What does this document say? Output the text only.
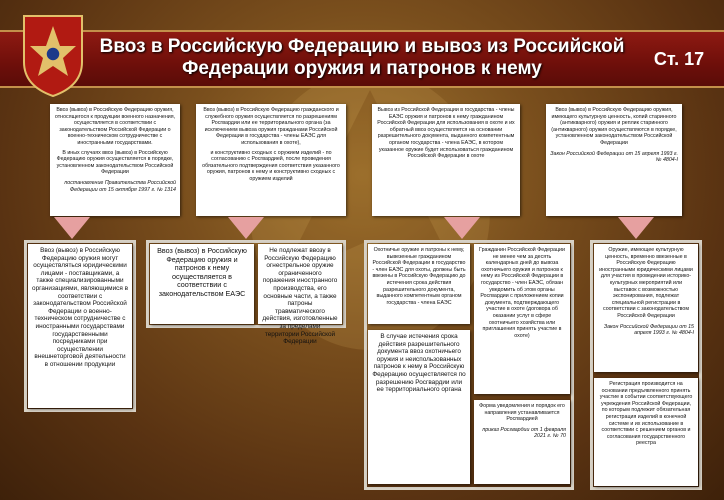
Ввоз в Российскую Федерацию и вывоз из Российской Федерации оружия и патронов к нему	Ст. 17

Ввоз (вывоз) в Российскую Федерацию оружия, относящегося к продукции военного назначения, осуществляется в соответствии с законодательством Российской Федерации о военно-техническом сотрудничестве с иностранными государствами.

В иных случаях ввоз (вывоз) в Российскую Федерацию оружия осуществляется в порядке, установленном законодательством Российской Федерации

постановление Правительства Российской Федерации от 15 октября 1997 г. № 1314

Ввоз (вывоз) в Российскую Федерацию гражданского и служебного оружия осуществляется по разрешениям Росгвардии или ее территориального органа (за исключением вывоза оружия гражданами Российской Федерации в государства - члены ЕАЭС для использования в охоте),

и конструктивно сходных с оружием изделий - по согласованию с Росгвардией, после проведения обязательного подтверждения соответствия указанного оружия, патронов к нему и конструктивно сходных с оружием изделий

Вывоз из Российской Федерации в государства - члены ЕАЭС оружия и патронов к нему гражданином Российской Федерации для использования в охоте и их обратный ввоз осуществляется на основании разрешительного документа, выданного компетентным органом государства - члена ЕАЭС, в котором указанное оружие будет использоваться гражданином Российской Федерации в охоте

Ввоз (вывоз) в Российскую Федерацию оружия, имеющего культурную ценность, копий старинного (антикварного) оружия и реплик старинного (антикварного) оружия осуществляются в порядке, установленном законодательством Российской Федерации

Закон Российской Федерации от 15 апреля 1993 г. № 4804-I

Ввоз (вывоз) в Российскую Федерацию оружия могут осуществляться юридическими лицами - поставщиками, а также специализированными организациями, являющимися в соответствии с законодательством Российской Федерации о военно-техническом сотрудничестве с иностранными государствами государственными посредниками при осуществлении внешнеторговой деятельности в отношении продукции

Ввоз (вывоз) в Российскую Федерацию оружия и патронов к нему осуществляется в соответствии с законодательством ЕАЭС

Не подлежат ввозу в Российскую Федерацию огнестрельное оружие ограниченного поражения иностранного производства, его основные части, а также патроны травматического действия, изготовленные за пределами территории Российской Федерации

Охотничье оружие и патроны к нему, вывезенные гражданином Российской Федерации в государство - член ЕАЭС для охоты, должны быть ввезены в Российскую Федерацию до истечения срока действия разрешительного документа, выданного компетентным органом государства - члена ЕАЭС

Гражданин Российской Федерации не менее чем за десять календарных дней до вывоза охотничьего оружия и патронов к нему из Российской Федерации в государство - член ЕАЭС, обязан уведомить об этом органы Росгвардии с приложением копии документа, подтверждающего участие в охоте (договора об оказании услуг в сфере охотничьего хозяйства или приглашения принять участие в охоте)

В случае истечения срока действия разрешительного документа ввоз охотничьего оружия и неиспользованных патронов к нему в Российскую Федерацию осуществляется по разрешению Росгвардии или ее территориального органа

Форма уведомления и порядок его направления устанавливается Росгвардией

приказ Росгвардии от 1 февраля 2021 г. № 70

Оружие, имеющее культурную ценность, временно ввезенные в Российскую Федерацию иностранными юридическими лицами для участия в проведении историко-культурных мероприятий или выставок с возможностью экспонирования, подлежат специальной регистрации в соответствии с законодательством Российской Федерации

Закон Российской Федерации от 15 апреля 1993 г. № 4804-I

Регистрация производится на основании предъявленного принять участие в событии соответствующего учреждения Российской Федерации, по которым подлежит обязательная регистрация изделий в конечной системе и их использование в соответствии с решением органов и согласования государственного реестра
